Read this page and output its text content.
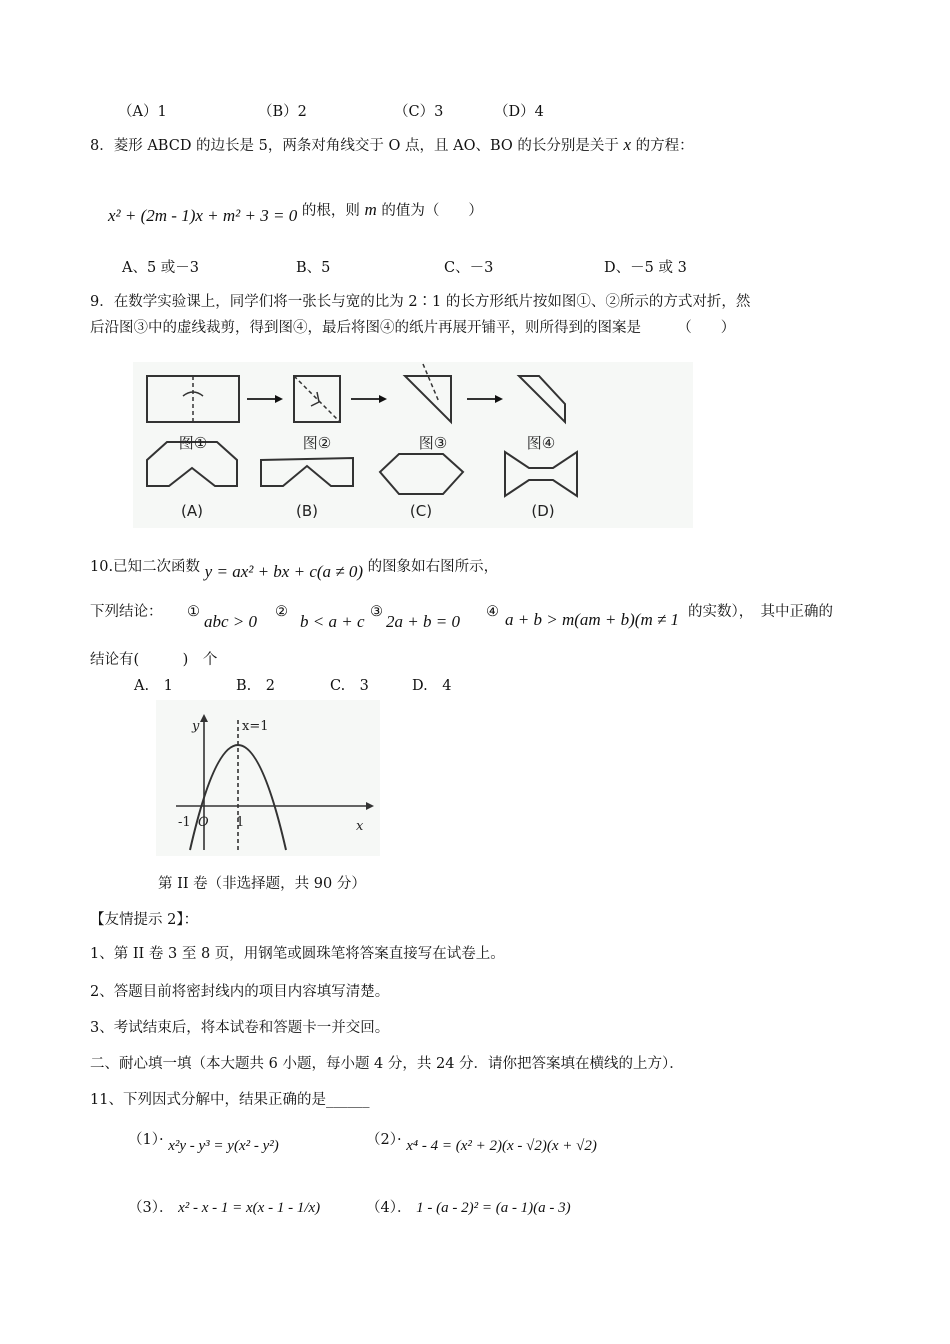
（A）1	（B）2	（C）3	（D）4
8．菱形 ABCD 的边长是 5，两条对角线交于 O 点，且 AO、BO 的长分别是关于 x 的方程：
x² + (2m - 1)x + m² + 3 = 0 的根，则 m 的值为（　　）
A、5 或－3	B、5	C、－3	D、－5 或 3
9．在数学实验课上，同学们将一张长与宽的比为 2∶1 的长方形纸片按如图①、②所示的方式对折，然
后沿图③中的虚线裁剪，得到图④，最后将图④的纸片再展开铺平，则所得到的图案是　　　（　　）
图①	图②	图③	图④
(A)	(B)	(C)	(D)
10.已知二次函数 y = ax² + bx + c(a ≠ 0) 的图象如右图所示，
下列结论： ① abc > 0 ② b < a + c ③ 2a + b = 0 ④ a + b > m(am + b)(m ≠ 1 的实数），　其中正确的
结论有(　　　)　个
A.　1	B.　2	C.　3	D.　4
x=1
y
x
-1 O 1
第 II 卷（非选择题，共 90 分）
【友情提示 2】：
1、第 II 卷 3 至 8 页，用钢笔或圆珠笔将答案直接写在试卷上。
2、答题目前将密封线内的项目内容填写清楚。
3、考试结束后，将本试卷和答题卡一并交回。
二、耐心填一填（本大题共 6 小题，每小题 4 分，共 24 分．请你把答案填在横线的上方）．
11、下列因式分解中，结果正确的是______
（1）· x²y - y³ = y(x² - y²)	（2）· x⁴ - 4 = (x² + 2)(x - √2)(x + √2)
（3）． x² - x - 1 = x(x - 1 - 1/x)	（4）． 1 - (a - 2)² = (a - 1)(a - 3)
